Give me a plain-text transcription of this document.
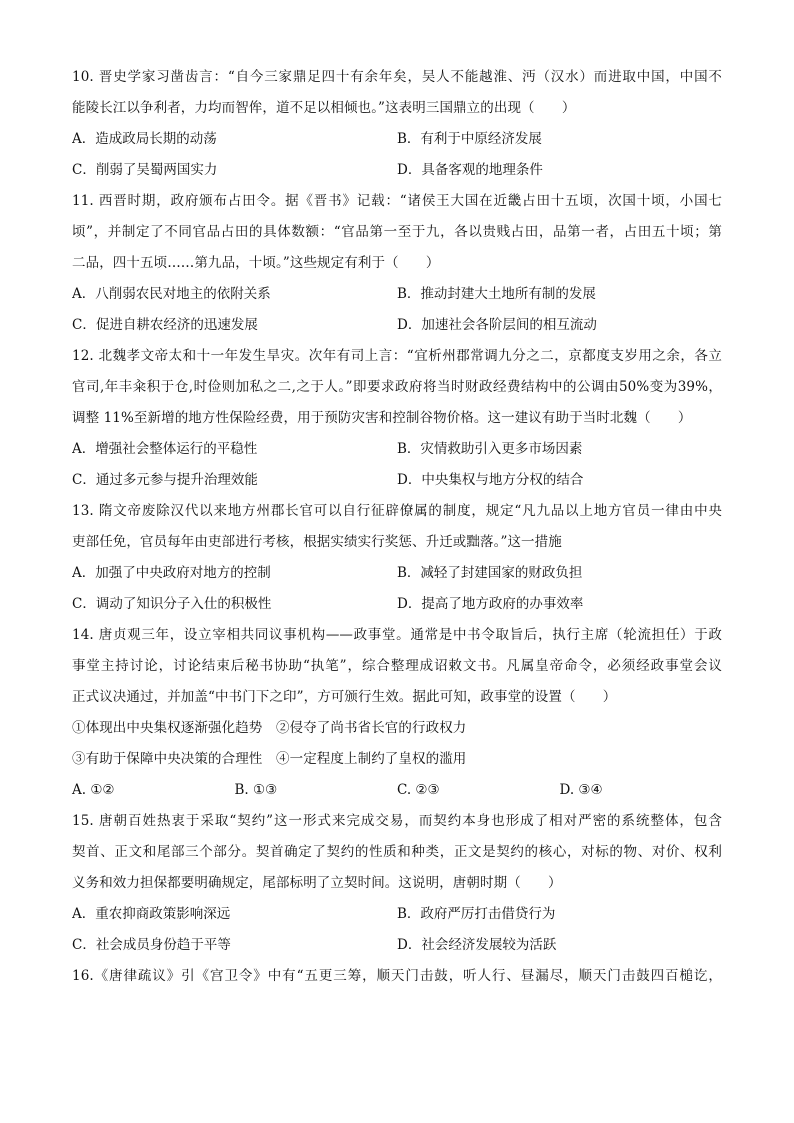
10. 晋史学家习凿齿言：“自今三家鼎足四十有余年矣，吴人不能越淮、沔（汉水）而进取中国，中国不
能陵长江以争利者，力均而智侔，道不足以相倾也。”这表明三国鼎立的出现（　　）
A．造成政局长期的动荡	B．有利于中原经济发展
C．削弱了吴蜀两国实力	D．具备客观的地理条件
11. 西晋时期，政府颁布占田令。据《晋书》记载：“诸侯王大国在近畿占田十五顷，次国十顷，小国七
顷”，并制定了不同官品占田的具体数额：“官品第一至于九，各以贵贱占田，品第一者，占田五十顷；第
二品，四十五顷……第九品，十顷。”这些规定有利于（　　）
A．八削弱农民对地主的依附关系	B．推动封建大土地所有制的发展
C．促进自耕农经济的迅速发展	D．加速社会各阶层间的相互流动
12. 北魏孝文帝太和十一年发生旱灾。次年有司上言：“宜析州郡常调九分之二，京都度支岁用之余，各立
官司,年丰籴积于仓,时俭则加私之二,之于人。”即要求政府将当时财政经费结构中的公调由50%变为39%，
调整 11%至新增的地方性保险经费，用于预防灾害和控制谷物价格。这一建议有助于当时北魏（　　）
A．增强社会整体运行的平稳性	B．灾情救助引入更多市场因素
C．通过多元参与提升治理效能	D．中央集权与地方分权的结合
13. 隋文帝废除汉代以来地方州郡长官可以自行征辟僚属的制度，规定“凡九品以上地方官员一律由中央
吏部任免，官员每年由吏部进行考核，根据实绩实行奖惩、升迁或黜落。”这一措施
A．加强了中央政府对地方的控制	B．减轻了封建国家的财政负担
C．调动了知识分子入仕的积极性	D．提高了地方政府的办事效率
14. 唐贞观三年，设立宰相共同议事机构——政事堂。通常是中书令取旨后，执行主席（轮流担任）于政
事堂主持讨论，讨论结束后秘书协助“执笔”，综合整理成诏敕文书。凡属皇帝命令，必须经政事堂会议
正式议决通过，并加盖“中书门下之印”，方可颁行生效。据此可知，政事堂的设置（　　）
①体现出中央集权逐渐强化趋势　②侵夺了尚书省长官的行政权力
③有助于保障中央决策的合理性　④一定程度上制约了皇权的滥用
A. ①②	B. ①③	C. ②③	D. ③④
15. 唐朝百姓热衷于采取“契约”这一形式来完成交易，而契约本身也形成了相对严密的系统整体，包含
契首、正文和尾部三个部分。契首确定了契约的性质和种类，正文是契约的核心，对标的物、对价、权利
义务和效力担保都要明确规定，尾部标明了立契时间。这说明，唐朝时期（　　）
A．重农抑商政策影响深远	B．政府严厉打击借贷行为
C．社会成员身份趋于平等	D．社会经济发展较为活跃
16.《唐律疏议》引《宫卫令》中有“五更三筹，顺天门击鼓，听人行、昼漏尽，顺天门击鼓四百槌讫，
